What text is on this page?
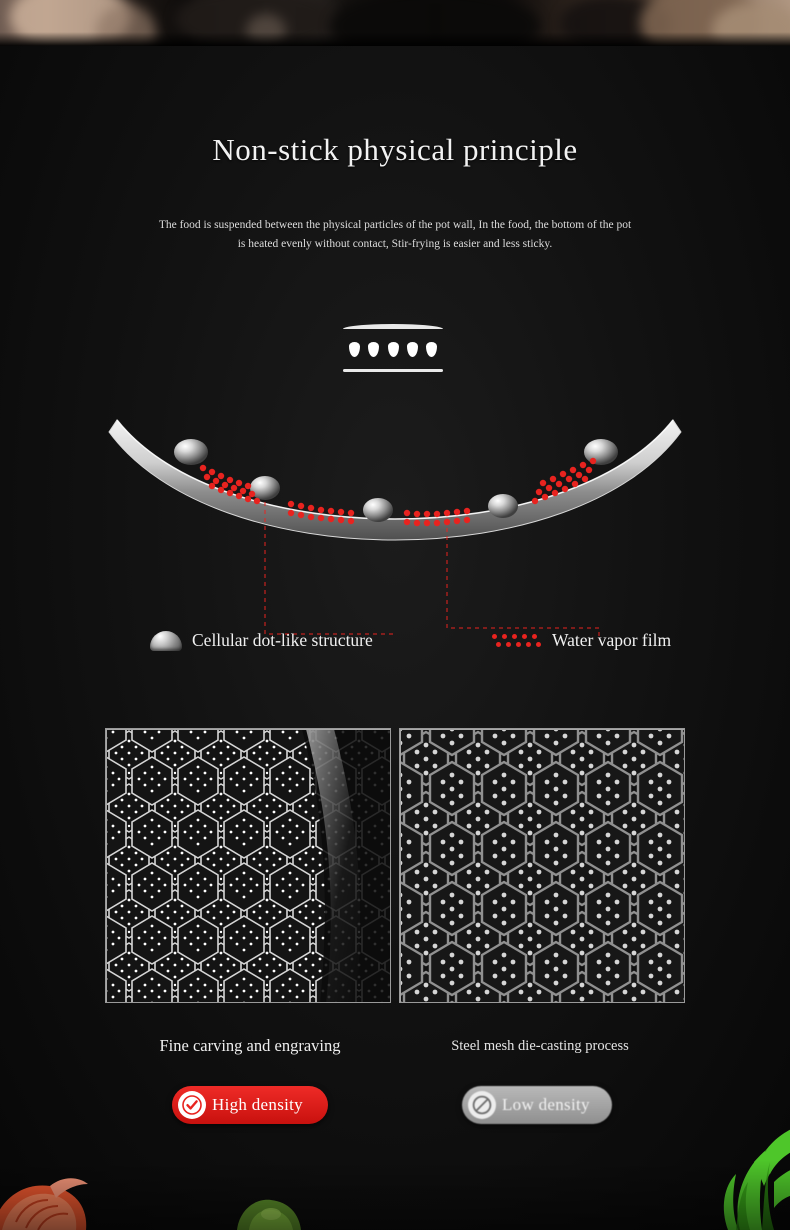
Non-stick physical principle
The food is suspended between the physical particles of the pot wall, In the food, the bottom of the pot is heated evenly without contact, Stir-frying is easier and less sticky.
Cellular dot-like structure	Water vapor film
Fine carving and engraving	Steel mesh die-casting process
High density	Low density
